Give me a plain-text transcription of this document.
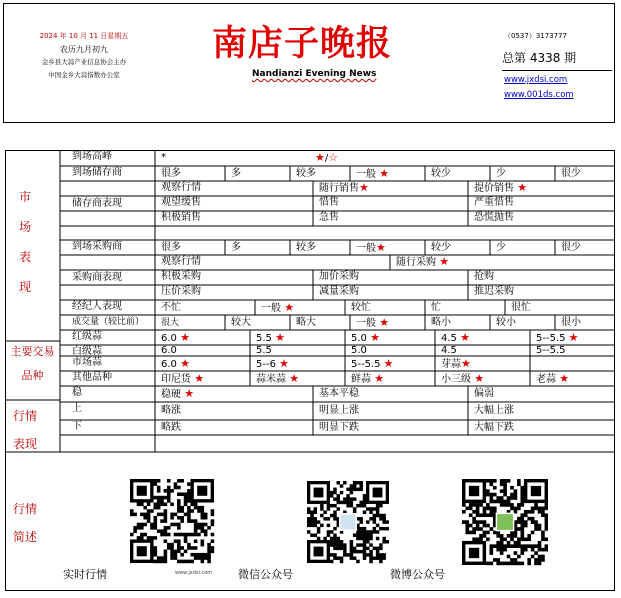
2024 年 10 月 11 日星期五
农历九月初九
金乡县大蒜产业信息协会主办
中国金乡大蒜指数办公室
南店子晚报
Nandianzi Evening News
（0537）3173777
总第 4338 期
www.jxdsi.com
www.001ds.com
到场高峰	*	★/☆
到场储存商	很多	多	较多	一般 ★	较少	少	很少
储存商表现
观察行情	随行销售★	提价销售 ★
观望缓售	惜售	严重惜售
积极销售	急售	恐慌抛售
到场采购商	很多	多	较多	一般★	较少	少	很少
采购商表现
观察行情	随行采购 ★
积极采购	加价采购	抢购
压价采购	减量采购	推迟采购
经纪人表现	不忙	一般 ★	较忙	忙	很忙
成交量（较比前） 很大	较大	略大	一般 ★	略小	较小	很小
红级蒜	6.0 ★	5.5 ★	5.0 ★	4.5 ★	5--5.5 ★
白级蒜	6.0	5.5	5.0	4.5	5--5.5
市场蒜	6.0 ★	5--6 ★	5--5.5 ★	芽蒜★
其他品种	印尼货 ★	蒜米蒜 ★	鲜蒜 ★	小三级 ★	老蒜 ★
稳	稳硬 ★	基本平稳	偏弱
上	略涨	明显上涨	大幅上涨
下	略跌	明显下跌	大幅下跌
市场表现
主要交易品种
行情表现
行情简述
www.jxdsi.com
实时行情	微信公众号	微博公众号
